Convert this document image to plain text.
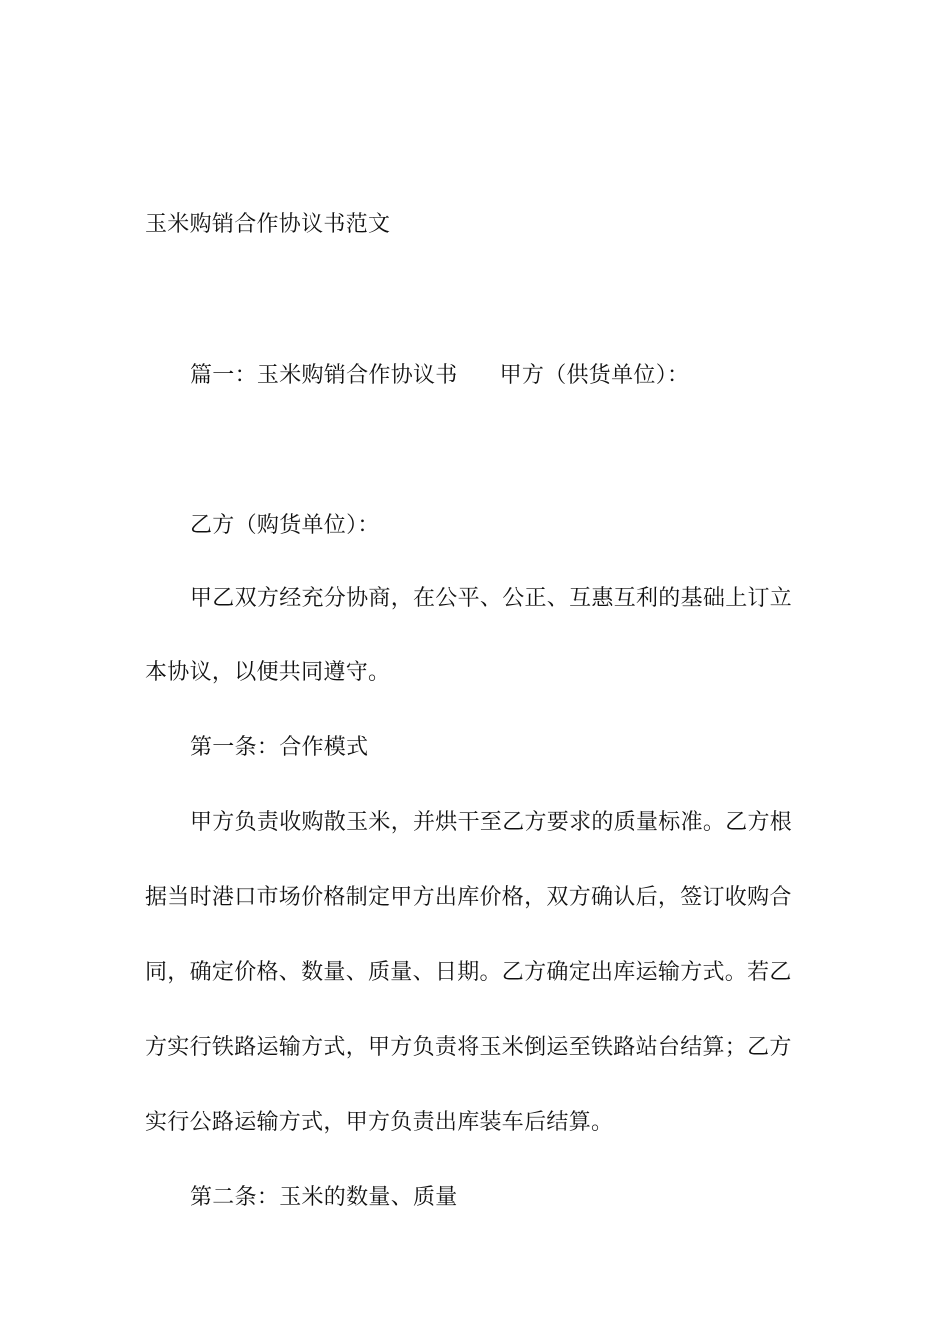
玉米购销合作协议书范文
篇一：玉米购销合作协议书 甲方（供货单位）：
乙方（购货单位）：
甲乙双方经充分协商，在公平、公正、互惠互利的基础上订立
本协议，以便共同遵守。
第一条：合作模式
甲方负责收购散玉米，并烘干至乙方要求的质量标准。乙方根
据当时港口市场价格制定甲方出库价格，双方确认后，签订收购合
同，确定价格、数量、质量、日期。乙方确定出库运输方式。若乙
方实行铁路运输方式，甲方负责将玉米倒运至铁路站台结算；乙方
实行公路运输方式，甲方负责出库装车后结算。
第二条：玉米的数量、质量
